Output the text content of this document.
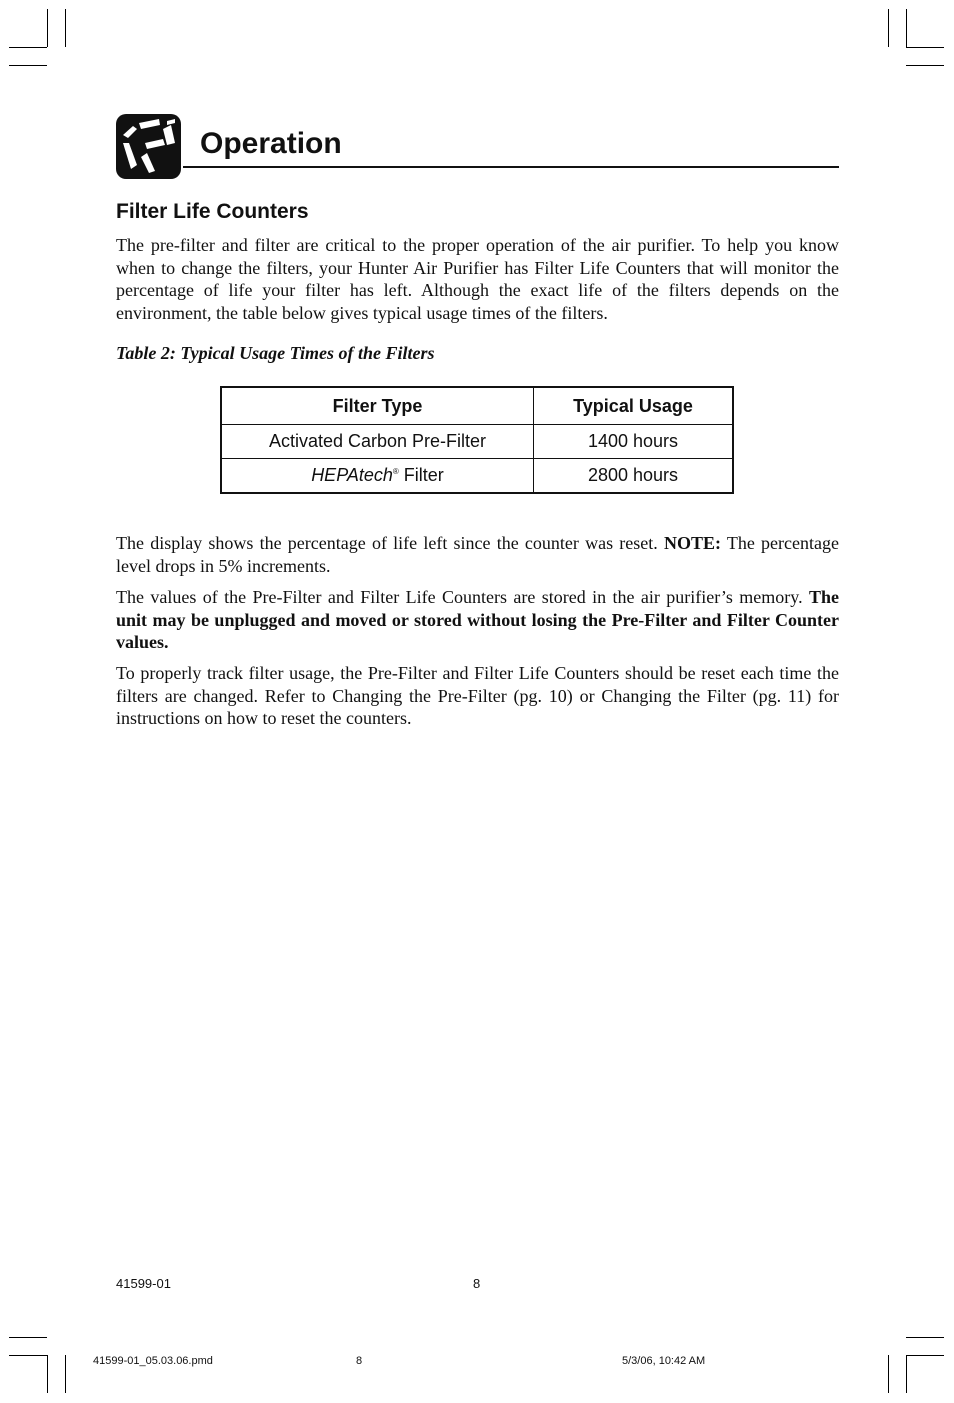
Operation
Filter Life Counters

The pre-filter and filter are critical to the proper operation of the air purifier. To help you know when to change the filters, your Hunter Air Purifier has Filter Life Counters that will monitor the percentage of life your filter has left. Although the exact life of the filters depends on the environment, the table below gives typical usage times of the filters.

Table 2: Typical Usage Times of the Filters

Filter Type	Typical Usage
Activated Carbon Pre-Filter	1400 hours
HEPAtech® Filter	2800 hours

The display shows the percentage of life left since the counter was reset. NOTE: The percentage level drops in 5% increments.

The values of the Pre-Filter and Filter Life Counters are stored in the air purifier’s memory. The unit may be unplugged and moved or stored without losing the Pre-Filter and Filter Counter values.

To properly track filter usage, the Pre-Filter and Filter Life Counters should be reset each time the filters are changed. Refer to Changing the Pre-Filter (pg. 10) or Changing the Filter (pg. 11) for instructions on how to reset the counters.

41599-01	8
41599-01_05.03.06.pmd	8	5/3/06, 10:42 AM
